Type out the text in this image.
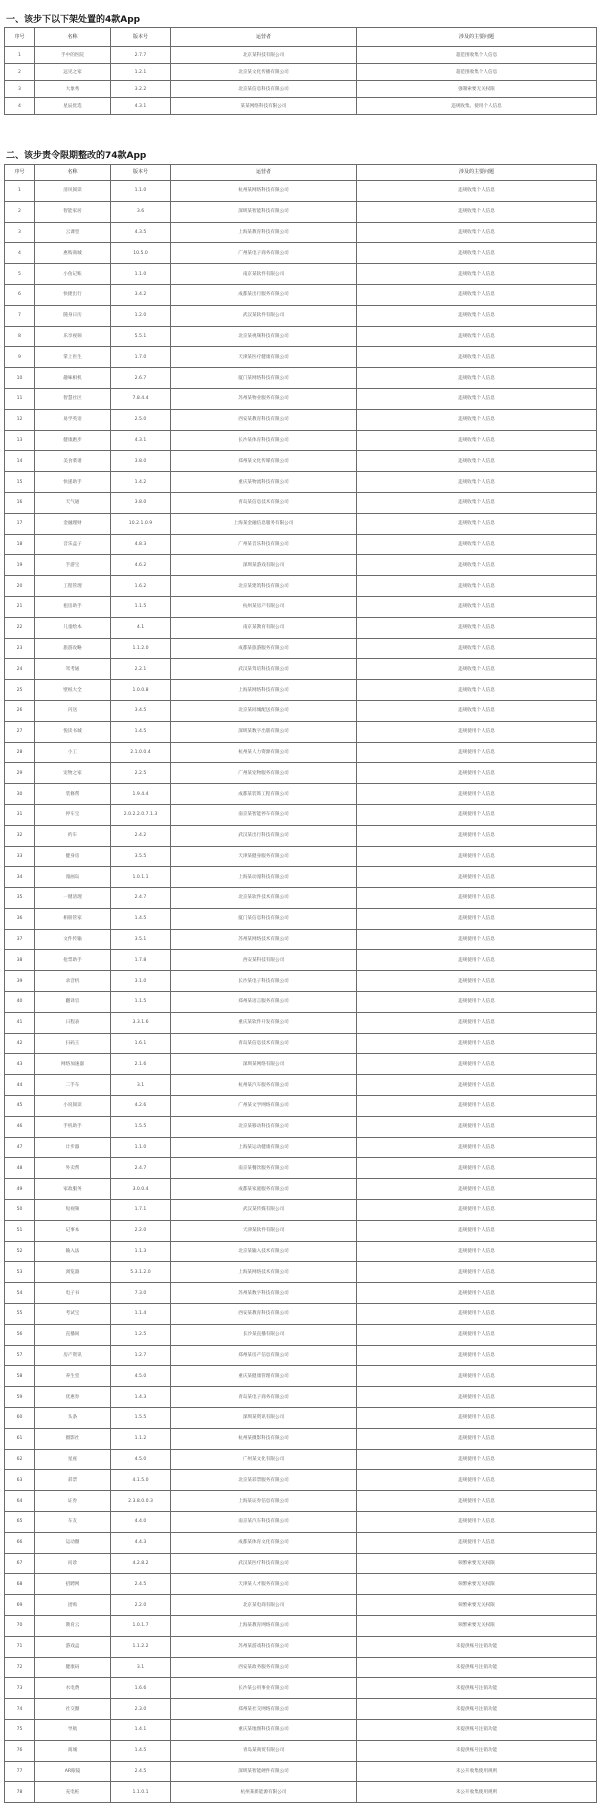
一、该步下以下架处置的4款App
序号	名称	版本号	运营者	涉及的主要问题
1	手中的医院	2.7.7	北京某科技有限公司	超范围收集个人信息
2	远见之家	1.2.1	北京某文化传播有限公司	超范围收集个人信息
3	大象秀	3.2.2	北京某信息科技有限公司	强制索要无关权限
4	星辰优选	4.3.1	某某网络科技有限公司	违规收集、使用个人信息
二、该步责令限期整改的74款App
序号	名称	版本号	运营者	涉及的主要问题
1	清风阅读	1.1.0	杭州某网络科技有限公司	违规收集个人信息
2	智能家居	3.6	深圳某智能科技有限公司	违规收集个人信息
3	云课堂	4.3.5	上海某教育科技有限公司	违规收集个人信息
4	惠购商城	10.5.0	广州某电子商务有限公司	违规收集个人信息
5	小鱼记账	1.1.0	南京某软件有限公司	违规收集个人信息
6	快捷出行	3.4.2	成都某出行服务有限公司	违规收集个人信息
7	随身日历	1.2.0	武汉某软件有限公司	违规收集个人信息
8	乐享视频	5.5.1	北京某视频科技有限公司	违规收集个人信息
9	掌上医生	1.7.0	天津某医疗健康有限公司	违规收集个人信息
10	趣味相机	2.6.7	厦门某网络科技有限公司	违规收集个人信息
11	智慧社区	7.8.4.4	苏州某物业服务有限公司	违规收集个人信息
12	易学英语	2.5.0	西安某教育科技有限公司	违规收集个人信息
13	健康跑步	4.3.1	长沙某体育科技有限公司	违规收集个人信息
14	美食菜谱	3.8.0	郑州某文化传媒有限公司	违规收集个人信息
15	快递助手	1.4.2	重庆某物流科技有限公司	违规收集个人信息
16	天气通	3.8.0	青岛某信息技术有限公司	违规收集个人信息
17	金融理财	10.2.1.0.9	上海某金融信息服务有限公司	违规收集个人信息
18	音乐盒子	4.8.3	广州某音乐科技有限公司	违规收集个人信息
19	手游宝	4.6.2	深圳某游戏有限公司	违规收集个人信息
20	工程管理	1.6.2	北京某建筑科技有限公司	违规收集个人信息
21	租房助手	1.1.5	杭州某房产有限公司	违规收集个人信息
22	儿童绘本	4.1	南京某教育有限公司	违规收集个人信息
23	旅游攻略	1.1.2.0	成都某旅游服务有限公司	违规收集个人信息
24	驾考通	2.2.1	武汉某驾培科技有限公司	违规收集个人信息
25	壁纸大全	1.0.0.8	上海某网络科技有限公司	违规收集个人信息
26	闪送	3.4.5	北京某同城配送有限公司	违规收集个人信息
27	悦读书城	1.4.5	深圳某数字出版有限公司	违规使用个人信息
28	小工	2.1.0.0.4	杭州某人力资源有限公司	违规使用个人信息
29	宠物之家	2.2.5	广州某宠物服务有限公司	违规使用个人信息
30	装修帮	1.9.4.4	成都某装饰工程有限公司	违规使用个人信息
31	停车宝	2.0.2.2.0.7.1.3	南京某智能停车有限公司	违规使用个人信息
32	约车	2.4.2	武汉某出行科技有限公司	违规使用个人信息
33	健身房	3.5.5	天津某健身服务有限公司	违规使用个人信息
34	漫画岛	1.0.1.1	上海某动漫科技有限公司	违规使用个人信息
35	一键清理	2.4.7	北京某软件技术有限公司	违规使用个人信息
36	相册管家	1.4.5	厦门某信息科技有限公司	违规使用个人信息
37	文件传输	3.5.1	苏州某网络技术有限公司	违规使用个人信息
38	抢票助手	1.7.8	西安某科技有限公司	违规使用个人信息
39	录音机	3.1.0	长沙某电子科技有限公司	违规使用个人信息
40	翻译官	1.1.5	郑州某语言服务有限公司	违规使用个人信息
41	日程表	3.3.1.6	重庆某软件开发有限公司	违规使用个人信息
42	扫码王	1.6.1	青岛某信息技术有限公司	违规使用个人信息
43	网络加速器	2.1.6	深圳某网络有限公司	违规使用个人信息
44	二手车	3.1	杭州某汽车服务有限公司	违规使用个人信息
45	小说阅读	4.2.6	广州某文学网络有限公司	违规使用个人信息
46	手机助手	1.5.5	北京某移动科技有限公司	违规使用个人信息
47	计步器	1.1.0	上海某运动健康有限公司	违规使用个人信息
48	外卖帮	2.4.7	南京某餐饮服务有限公司	违规使用个人信息
49	家政服务	3.0.0.4	成都某家庭服务有限公司	违规使用个人信息
50	短视频	1.7.1	武汉某传媒有限公司	违规使用个人信息
51	记事本	2.2.0	天津某软件有限公司	违规使用个人信息
52	输入法	1.1.3	北京某输入技术有限公司	违规使用个人信息
53	浏览器	5.3.1.2.0	上海某网络技术有限公司	违规使用个人信息
54	电子书	7.3.0	苏州某数字科技有限公司	违规使用个人信息
55	考试宝	1.1.4	西安某教育科技有限公司	违规使用个人信息
56	直播间	1.2.5	长沙某直播有限公司	违规使用个人信息
57	房产资讯	1.2.7	郑州某房产信息有限公司	违规使用个人信息
58	养生堂	4.5.0	重庆某健康管理有限公司	违规使用个人信息
59	优惠券	1.4.3	青岛某电子商务有限公司	违规使用个人信息
60	头条	1.5.5	深圳某资讯有限公司	违规使用个人信息
61	摄影社	1.1.2	杭州某摄影科技有限公司	违规使用个人信息
62	星座	4.5.0	广州某文化有限公司	违规使用个人信息
63	彩票	4.1.5.0	北京某彩票服务有限公司	违规使用个人信息
64	证券	2.3.8.0.0.3	上海某证券信息有限公司	违规使用个人信息
65	车友	4.4.0	南京某汽车科技有限公司	违规使用个人信息
66	运动圈	4.4.3	成都某体育文化有限公司	违规使用个人信息
67	问诊	4.2.8.2	武汉某医疗科技有限公司	频繁索要无关权限
68	招聘网	2.4.5	天津某人才服务有限公司	频繁索要无关权限
69	团购	2.2.0	北京某电商有限公司	频繁索要无关权限
70	教育云	1.0.1.7	上海某教育网络有限公司	频繁索要无关权限
71	游戏盒	1.1.2.2	苏州某游戏科技有限公司	未提供账号注销功能
72	健康码	3.1	西安某政务服务有限公司	未提供账号注销功能
73	水电费	1.6.6	长沙某公用事业有限公司	未提供账号注销功能
74	社交圈	2.3.0	郑州某社交网络有限公司	未提供账号注销功能
75	导航	1.4.1	重庆某地图科技有限公司	未提供账号注销功能
76	商城	1.4.5	青岛某商贸有限公司	未提供账号注销功能
77	AR眼镜	2.4.5	深圳某智能硬件有限公司	未公开收集使用规则
78	充电桩	1.1.0.1	杭州某新能源有限公司	未公开收集使用规则
